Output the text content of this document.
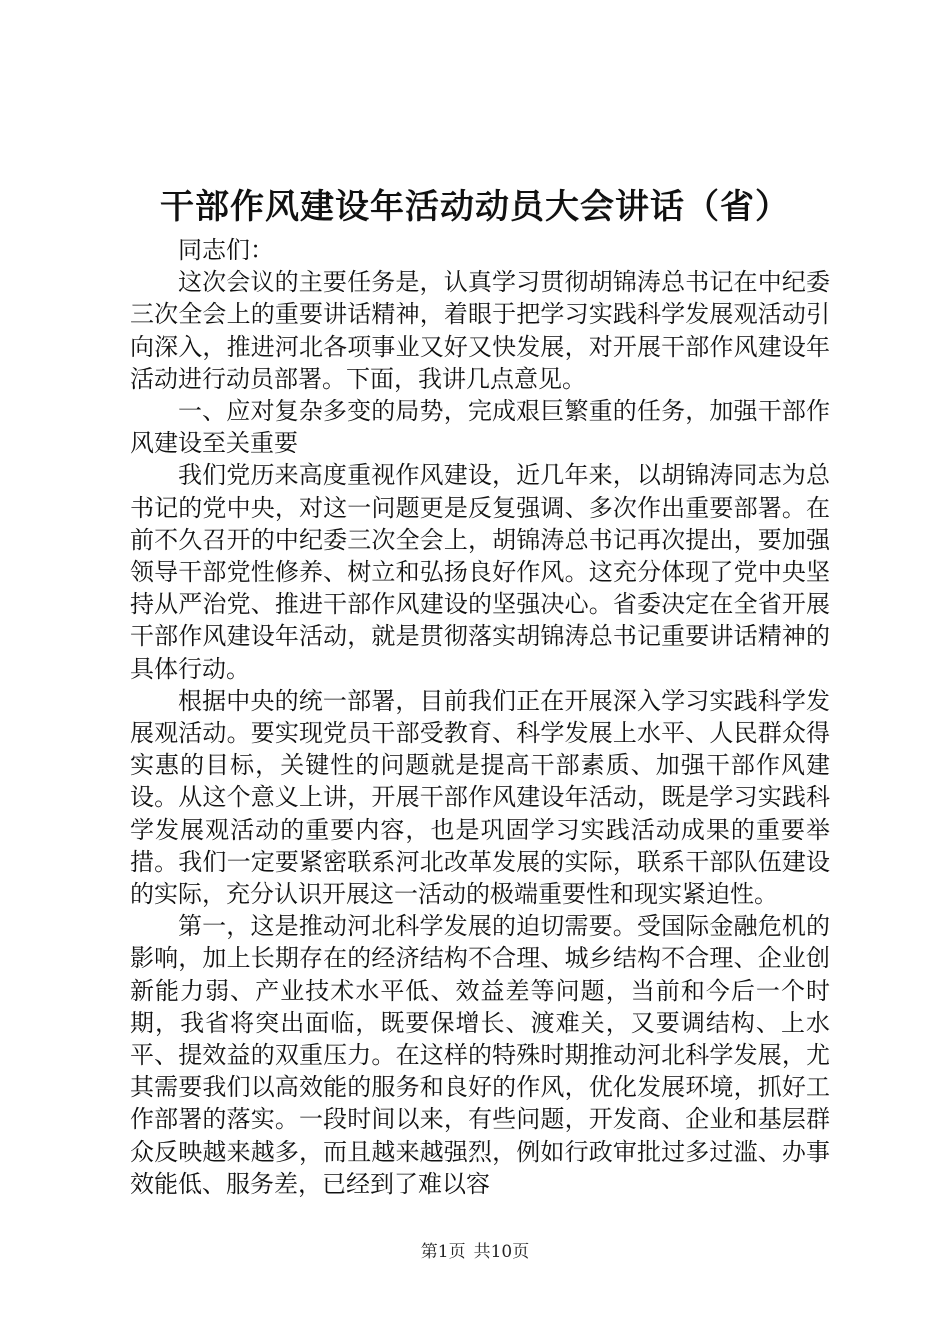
干部作风建设年活动动员大会讲话（省）

同志们：

这次会议的主要任务是，认真学习贯彻胡锦涛总书记在中纪委三次全会上的重要讲话精神，着眼于把学习实践科学发展观活动引向深入，推进河北各项事业又好又快发展，对开展干部作风建设年活动进行动员部署。下面，我讲几点意见。

一、应对复杂多变的局势，完成艰巨繁重的任务，加强干部作风建设至关重要

我们党历来高度重视作风建设，近几年来，以胡锦涛同志为总书记的党中央，对这一问题更是反复强调、多次作出重要部署。在前不久召开的中纪委三次全会上，胡锦涛总书记再次提出，要加强领导干部党性修养、树立和弘扬良好作风。这充分体现了党中央坚持从严治党、推进干部作风建设的坚强决心。省委决定在全省开展干部作风建设年活动，就是贯彻落实胡锦涛总书记重要讲话精神的具体行动。

根据中央的统一部署，目前我们正在开展深入学习实践科学发展观活动。要实现党员干部受教育、科学发展上水平、人民群众得实惠的目标，关键性的问题就是提高干部素质、加强干部作风建设。从这个意义上讲，开展干部作风建设年活动，既是学习实践科学发展观活动的重要内容，也是巩固学习实践活动成果的重要举措。我们一定要紧密联系河北改革发展的实际，联系干部队伍建设的实际，充分认识开展这一活动的极端重要性和现实紧迫性。

第一，这是推动河北科学发展的迫切需要。受国际金融危机的影响，加上长期存在的经济结构不合理、城乡结构不合理、企业创新能力弱、产业技术水平低、效益差等问题，当前和今后一个时期，我省将突出面临，既要保增长、渡难关，又要调结构、上水平、提效益的双重压力。在这样的特殊时期推动河北科学发展，尤其需要我们以高效能的服务和良好的作风，优化发展环境，抓好工作部署的落实。一段时间以来，有些问题，开发商、企业和基层群众反映越来越多，而且越来越强烈，例如行政审批过多过滥、办事效能低、服务差，已经到了难以容

第1页 共10页
